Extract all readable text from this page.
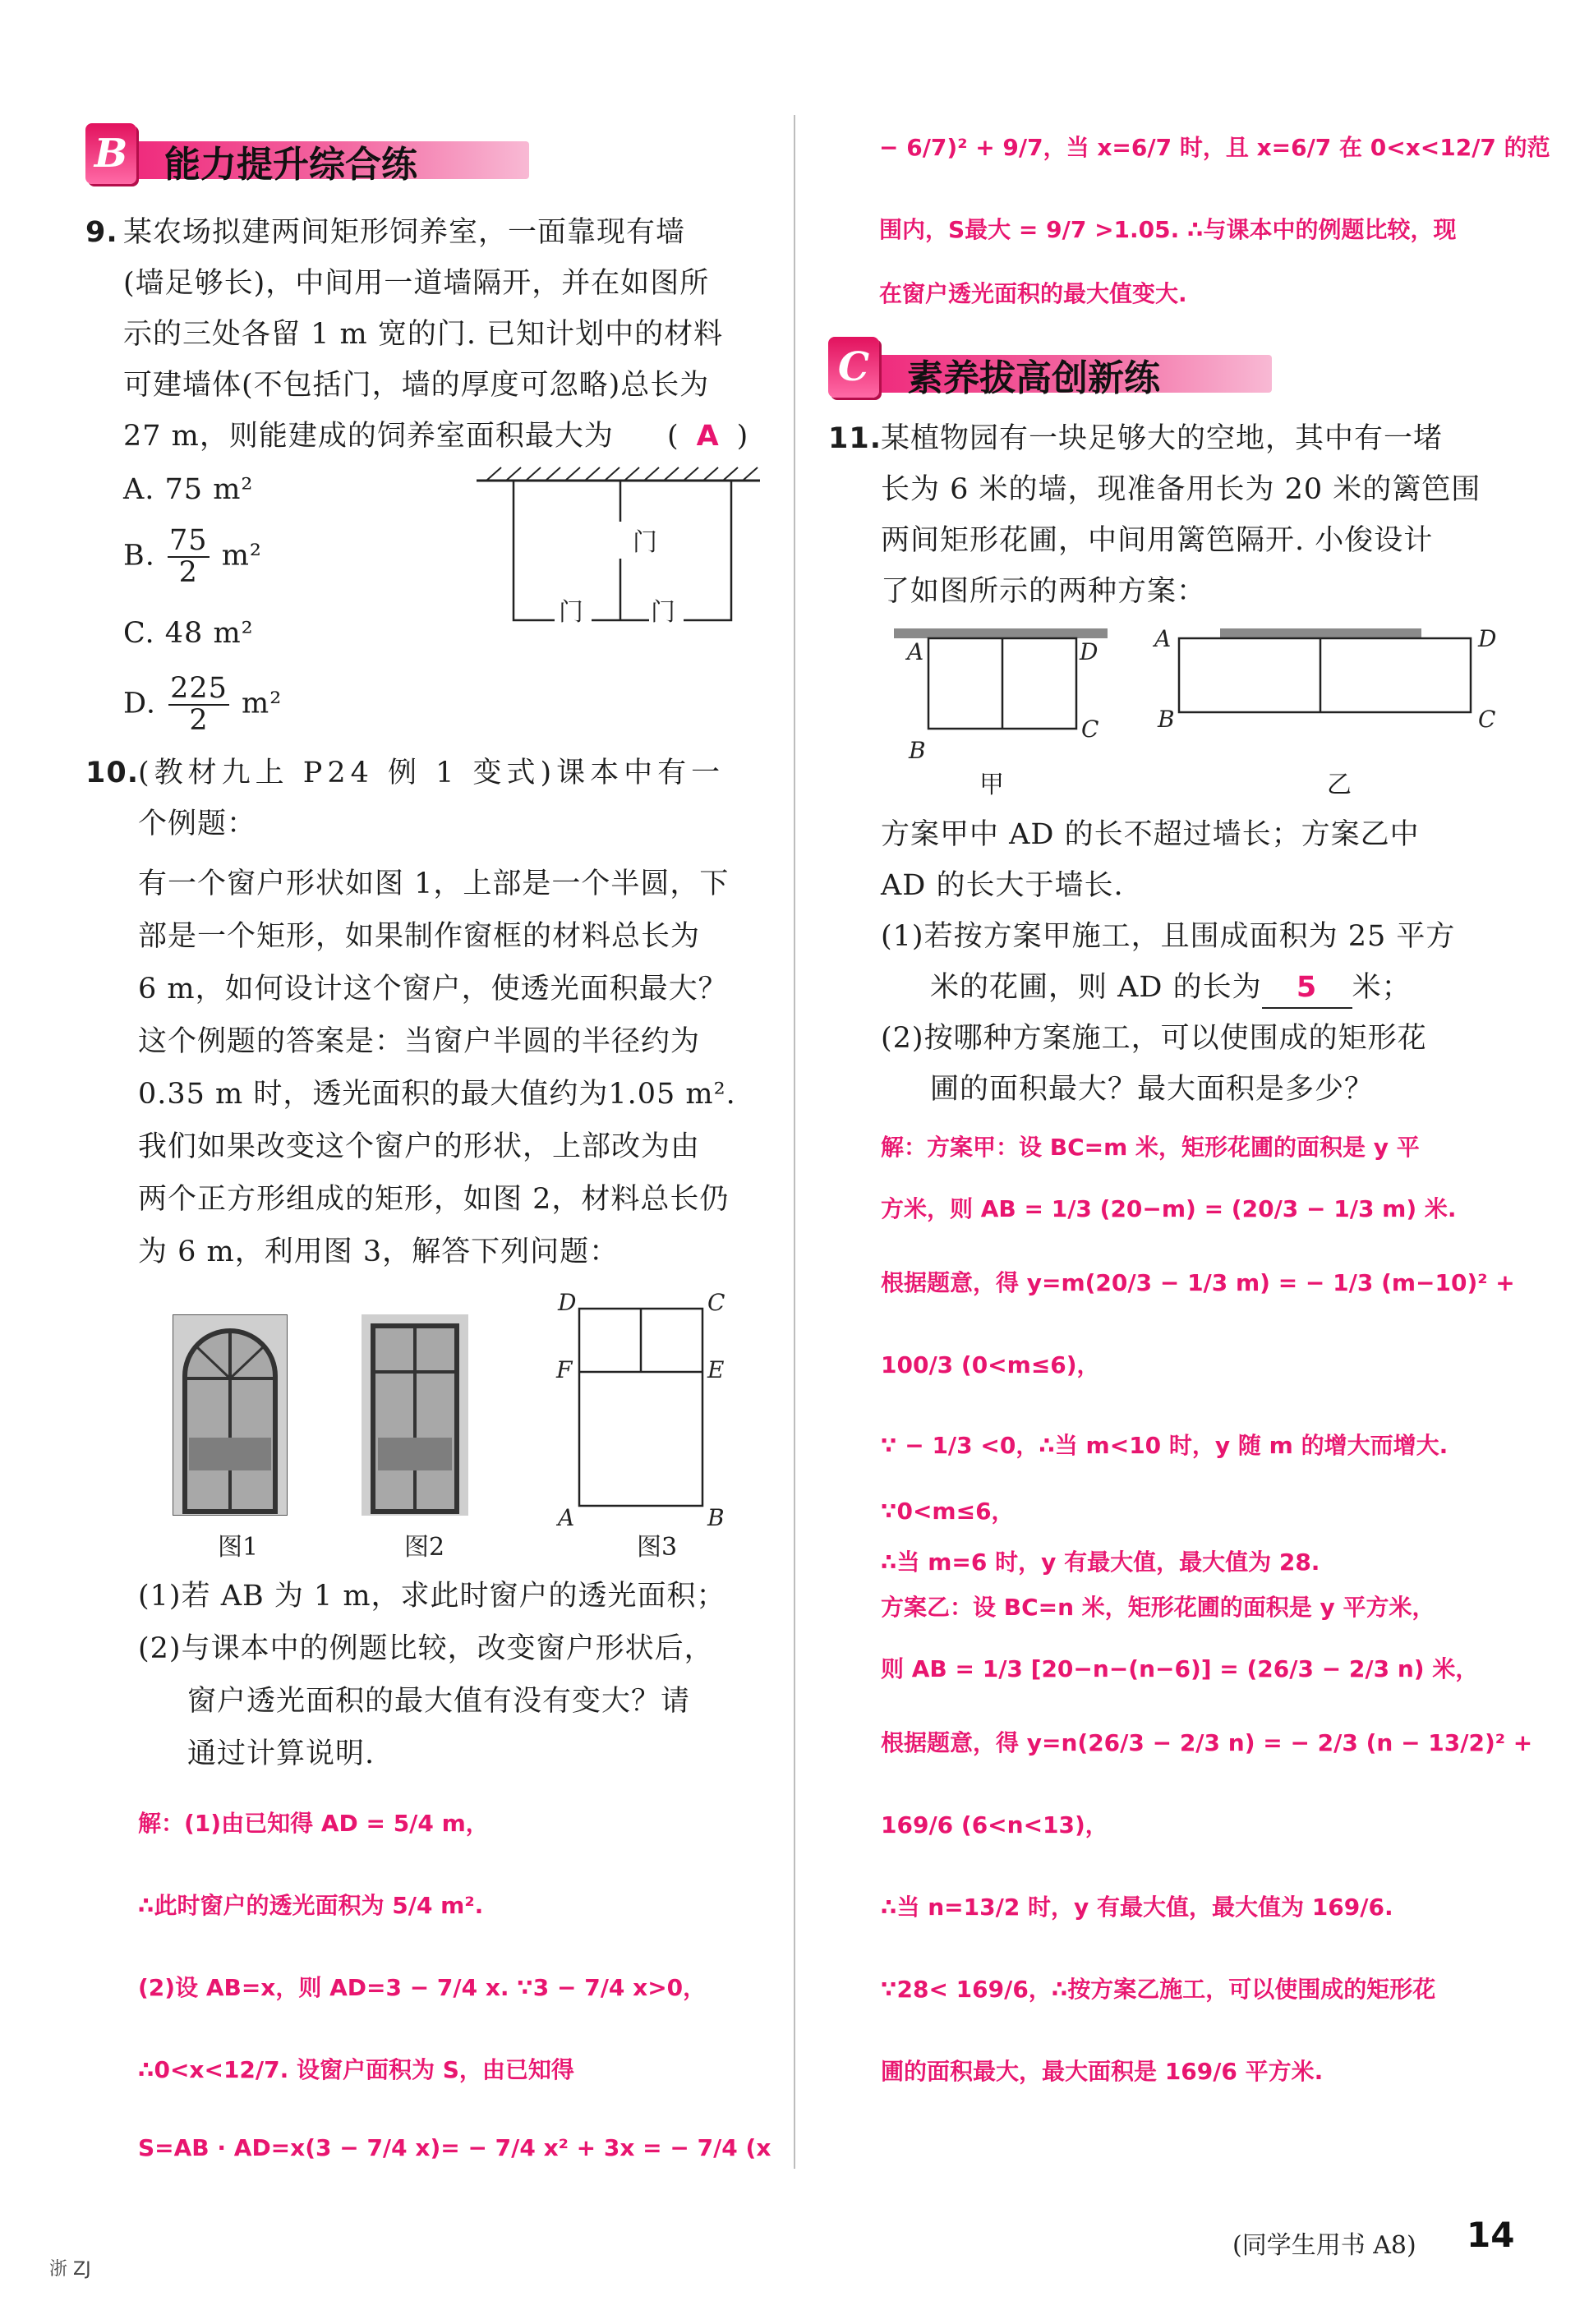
B 能力提升综合练
9. 某农场拟建两间矩形饲养室，一面靠现有墙
(墙足够长)，中间用一道墙隔开，并在如图所
示的三处各留 1 m 宽的门. 已知计划中的材料
可建墙体(不包括门，墙的厚度可忽略)总长为
27 m，则能建成的饲养室面积最大为 ( A )
A. 75 m²
B. $\frac{75}{2} m^2$
C. 48 m²
D. $\frac{225}{2} m^2$
门
门	门
10.
(教材九上 P24 例 1 变式)课本中有一
个例题：
有一个窗户形状如图 1，上部是一个半圆，下
部是一个矩形，如果制作窗框的材料总长为
6 m，如何设计这个窗户，使透光面积最大？
这个例题的答案是：当窗户半圆的半径约为
0.35 m 时，透光面积的最大值约为1.05 m².
我们如果改变这个窗户的形状，上部改为由
两个正方形组成的矩形，如图 2，材料总长仍
为 6 m，利用图 3，解答下列问题：
图1	图2
D	C
F	E
A	B
图3
(1)若 AB 为 1 m，求此时窗户的透光面积；
(2)与课本中的例题比较，改变窗户形状后，
窗户透光面积的最大值有没有变大？请
通过计算说明.
解：(1)由已知得 AD = 5/4 m，
∴此时窗户的透光面积为 5/4 m².
(2)设 AB=x，则 AD=3 − 7/4 x. ∵3 − 7/4 x>0，
∴0<x<12/7. 设窗户面积为 S，由已知得
S=AB · AD=x(3 − 7/4 x)= − 7/4 x² + 3x = − 7/4 (x
− 6/7)² + 9/7，当 x=6/7 时，且 x=6/7 在 0<x<12/7 的范
围内，S最大 = 9/7 >1.05. ∴与课本中的例题比较，现
在窗户透光面积的最大值变大.
C 素养拔高创新练
11.
某植物园有一块足够大的空地，其中有一堵
长为 6 米的墙，现准备用长为 20 米的篱笆围
两间矩形花圃，中间用篱笆隔开. 小俊设计
了如图所示的两种方案：
A	D
B
C
甲
A	D
B	C
乙
方案甲中 AD 的长不超过墙长；方案乙中
AD 的长大于墙长.
(1)若按方案甲施工，且围成面积为 25 平方
米的花圃，则 AD 的长为 5 米；
(2)按哪种方案施工，可以使围成的矩形花
圃的面积最大？最大面积是多少？
解：方案甲：设 BC=m 米，矩形花圃的面积是 y 平
方米，则 AB = 1/3 (20−m) = (20/3 − 1/3 m) 米.
根据题意，得 y=m(20/3 − 1/3 m) = − 1/3 (m−10)² +
100/3 (0<m≤6)，
∵ − 1/3 <0，∴当 m<10 时，y 随 m 的增大而增大.
∵0<m≤6，
∴当 m=6 时，y 有最大值，最大值为 28.
方案乙：设 BC=n 米，矩形花圃的面积是 y 平方米，
则 AB = 1/3 [20−n−(n−6)] = (26/3 − 2/3 n) 米，
根据题意，得 y=n(26/3 − 2/3 n) = − 2/3 (n − 13/2)² +
169/6 (6<n<13)，
∴当 n=13/2 时，y 有最大值，最大值为 169/6.
∵28< 169/6，∴按方案乙施工，可以使围成的矩形花
圃的面积最大，最大面积是 169/6 平方米.
浙 ZJ
(同学生用书 A8) 14
